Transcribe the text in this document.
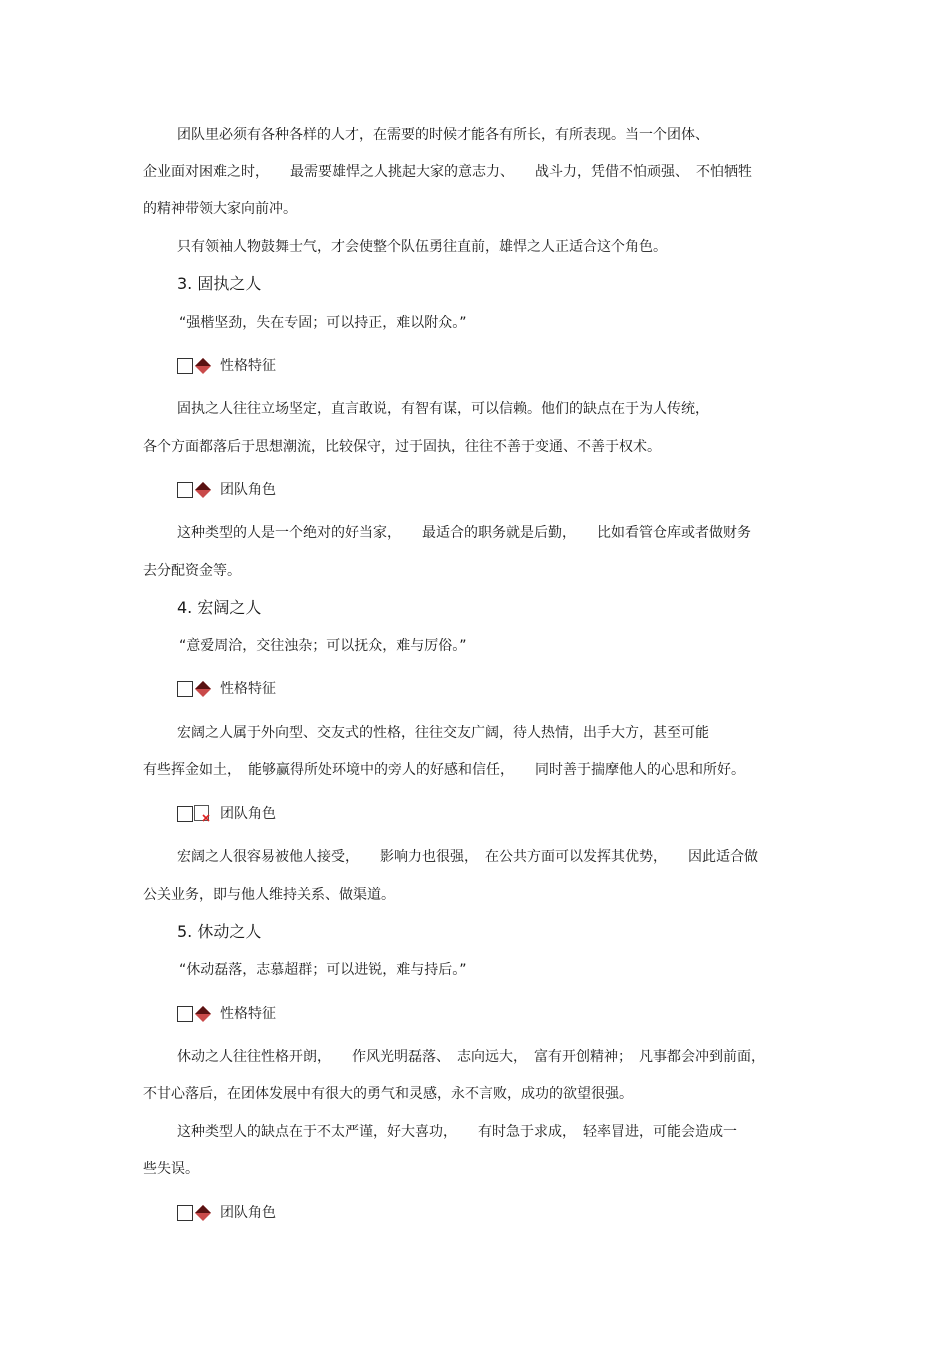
团队里必须有各种各样的人才，在需要的时候才能各有所长，有所表现。当一个团体、
企业面对困难之时，　　最需要雄悍之人挑起大家的意志力、　　战斗力，凭借不怕顽强、　不怕牺牲
的精神带领大家向前冲。
只有领袖人物鼓舞士气，才会使整个队伍勇往直前，雄悍之人正适合这个角色。
3. 固执之人
“强楷坚劲，失在专固；可以持正，难以附众。”
性格特征
固执之人往往立场坚定，直言敢说，有智有谋，可以信赖。他们的缺点在于为人传统，
各个方面都落后于思想潮流，比较保守，过于固执，往往不善于变通、不善于权术。
团队角色
这种类型的人是一个绝对的好当家，　　最适合的职务就是后勤，　　比如看管仓库或者做财务
去分配资金等。
4. 宏阔之人
“意爱周洽，交往浊杂；可以抚众，难与厉俗。”
性格特征
宏阔之人属于外向型、交友式的性格，往往交友广阔，待人热情，出手大方，甚至可能
有些挥金如土，　能够赢得所处环境中的旁人的好感和信任，　　同时善于揣摩他人的心思和所好。
团队角色
宏阔之人很容易被他人接受，　　影响力也很强，　在公共方面可以发挥其优势，　　因此适合做
公关业务，即与他人维持关系、做渠道。
5. 休动之人
“休动磊落，志慕超群；可以进锐，难与持后。”
性格特征
休动之人往往性格开朗，　　作风光明磊落、　志向远大，　富有开创精神；　凡事都会冲到前面，
不甘心落后，在团体发展中有很大的勇气和灵感，永不言败，成功的欲望很强。
这种类型人的缺点在于不太严谨，好大喜功，　　有时急于求成，　轻率冒进，可能会造成一
些失误。
团队角色
